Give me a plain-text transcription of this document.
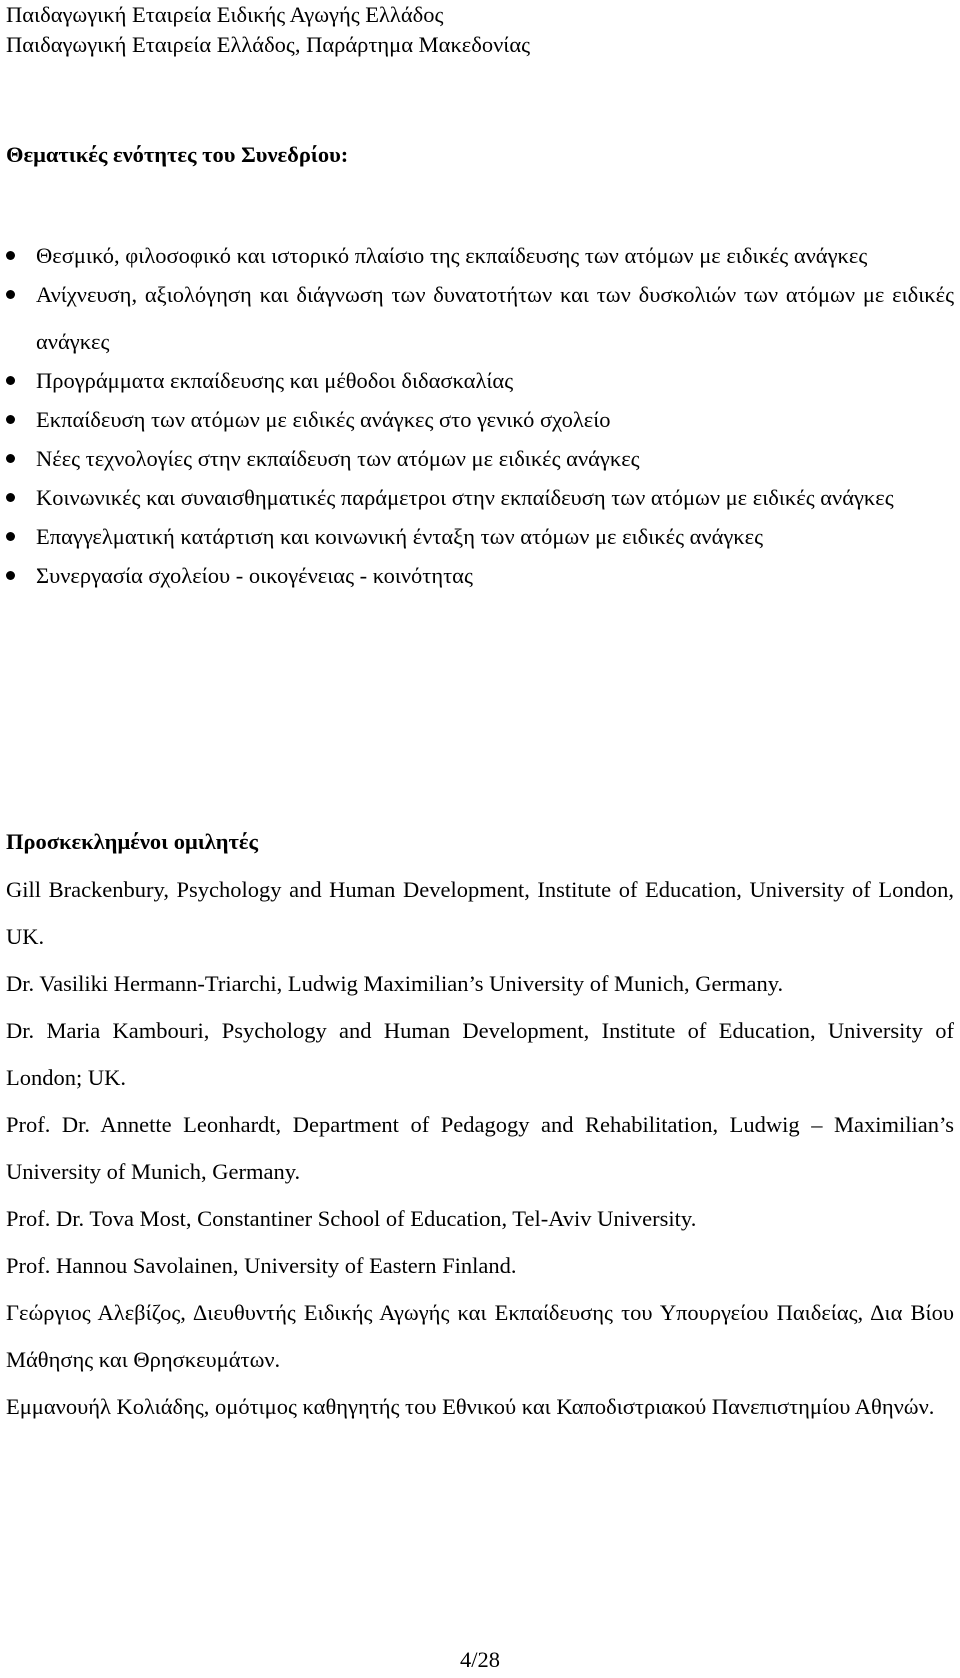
Παιδαγωγική Εταιρεία Ειδικής Αγωγής Ελλάδος

Παιδαγωγική Εταιρεία Ελλάδος, Παράρτημα Μακεδονίας

Θεματικές ενότητες του Συνεδρίου:

Θεσμικό, φιλοσοφικό και ιστορικό πλαίσιο της εκπαίδευσης των ατόμων με ειδικές ανάγκες
Ανίχνευση, αξιολόγηση και διάγνωση των δυνατοτήτων και των δυσκολιών των ατόμων με ειδικές ανάγκες
Προγράμματα εκπαίδευσης και μέθοδοι διδασκαλίας
Εκπαίδευση των ατόμων με ειδικές ανάγκες στο γενικό σχολείο
Νέες τεχνολογίες στην εκπαίδευση των ατόμων με ειδικές ανάγκες
Κοινωνικές και συναισθηματικές παράμετροι στην εκπαίδευση των ατόμων με ειδικές ανάγκες
Επαγγελματική κατάρτιση και κοινωνική ένταξη των ατόμων με ειδικές ανάγκες
Συνεργασία σχολείου - οικογένειας - κοινότητας

Προσκεκλημένοι ομιλητές

Gill Brackenbury, Psychology and Human Development, Institute of Education, University of London, UK.

Dr. Vasiliki Hermann-Triarchi, Ludwig Maximilian’s University of Munich, Germany.

Dr. Maria Kambouri, Psychology and Human Development, Institute of Education, University of London; UK.

Prof. Dr. Annette Leonhardt, Department of Pedagogy and Rehabilitation, Ludwig – Maximilian’s University of Munich, Germany.

Prof. Dr. Tova Most, Constantiner School of Education, Tel-Aviv University.

Prof. Hannou Savolainen, University of Eastern Finland.

Γεώργιος Αλεβίζος, Διευθυντής Ειδικής Αγωγής και Εκπαίδευσης του Υπουργείου Παιδείας, Δια Βίου Μάθησης και Θρησκευμάτων.

Εμμανουήλ Κολιάδης, ομότιμος καθηγητής του Εθνικού και Καποδιστριακού Πανεπιστημίου Αθηνών.

4/28
